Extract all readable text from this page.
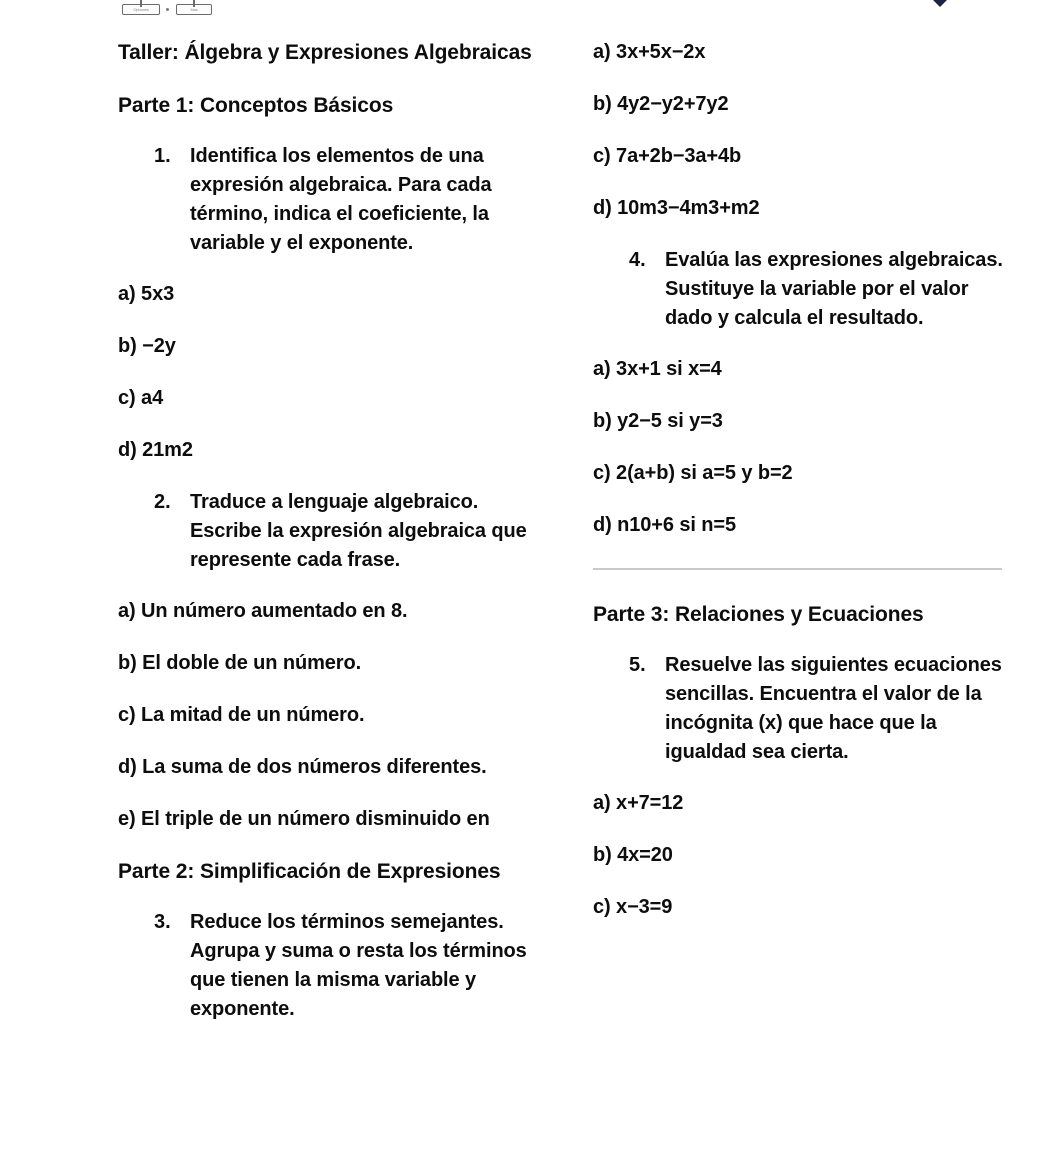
Opciones	Mas
Taller: Álgebra y Expresiones Algebraicas
Parte 1: Conceptos Básicos
1. Identifica los elementos de una expresión algebraica. Para cada término, indica el coeficiente, la variable y el exponente.

a) 5x3

b) −2y

c) a4

d) 21m2

2. Traduce a lenguaje algebraico. Escribe la expresión algebraica que represente cada frase.

a) Un número aumentado en 8.

b) El doble de un número.

c) La mitad de un número.

d) La suma de dos números diferentes.

e) El triple de un número disminuido en

Parte 2: Simplificación de Expresiones
3. Reduce los términos semejantes. Agrupa y suma o resta los términos que tienen la misma variable y exponente.

a) 3x+5x−2x

b) 4y2−y2+7y2

c) 7a+2b−3a+4b

d) 10m3−4m3+m2

4. Evalúa las expresiones algebraicas. Sustituye la variable por el valor dado y calcula el resultado.

a) 3x+1 si x=4

b) y2−5 si y=3

c) 2(a+b) si a=5 y b=2

d) n10+6 si n=5

Parte 3: Relaciones y Ecuaciones
5. Resuelve las siguientes ecuaciones sencillas. Encuentra el valor de la incógnita (x) que hace que la igualdad sea cierta.

a) x+7=12

b) 4x=20

c) x−3=9
